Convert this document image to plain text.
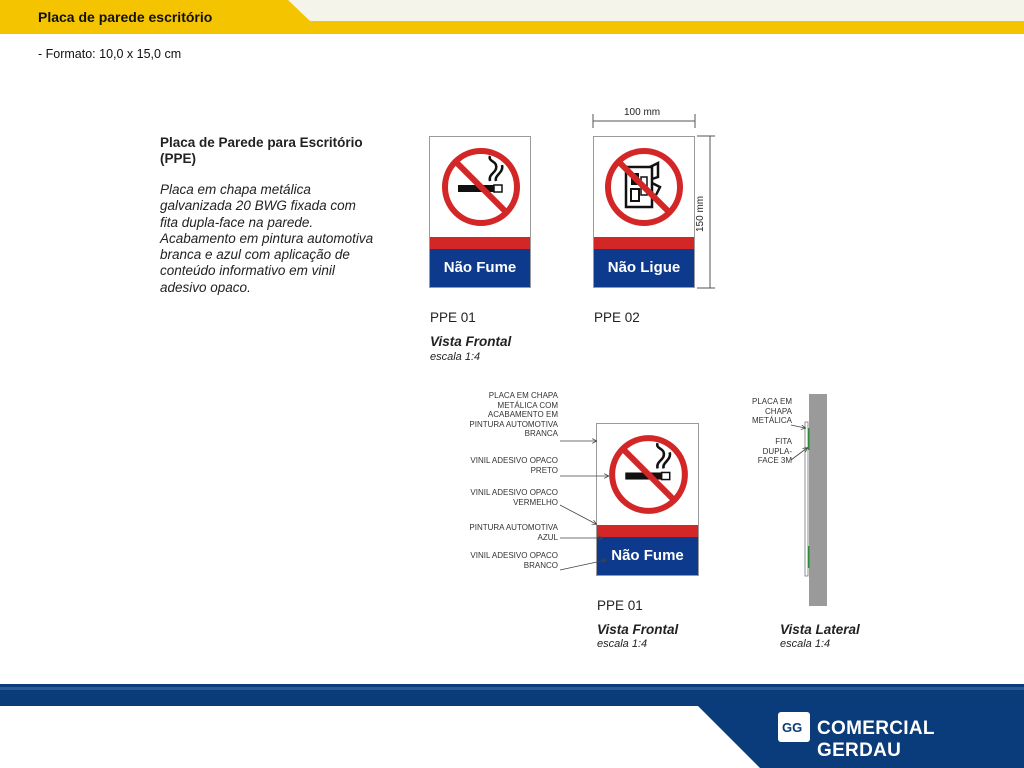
Placa de parede escritório
- Formato: 10,0 x 15,0 cm
Placa de Parede para Escritório (PPE)
Placa em chapa metálica galvanizada 20 BWG fixada com fita dupla-face na parede. Acabamento em pintura automotiva branca e azul com aplicação de conteúdo informativo em vinil adesivo opaco.
Não Fume	Não Ligue
100 mm
150 mm
PPE 01	PPE 02
Vista Frontal
escala 1:4
Não Fume
PLACA EM CHAPA METÁLICA COM ACABAMENTO EM PINTURA AUTOMOTIVA BRANCA
VINIL ADESIVO OPACO PRETO
VINIL ADESIVO OPACO VERMELHO
PINTURA AUTOMOTIVA AZUL
VINIL ADESIVO OPACO BRANCO
PPE 01
Vista Frontal
escala 1:4
PLACA EM CHAPA METÁLICA
FITA DUPLA-FACE 3M
Vista Lateral
escala 1:4
GG COMERCIAL GERDAU
